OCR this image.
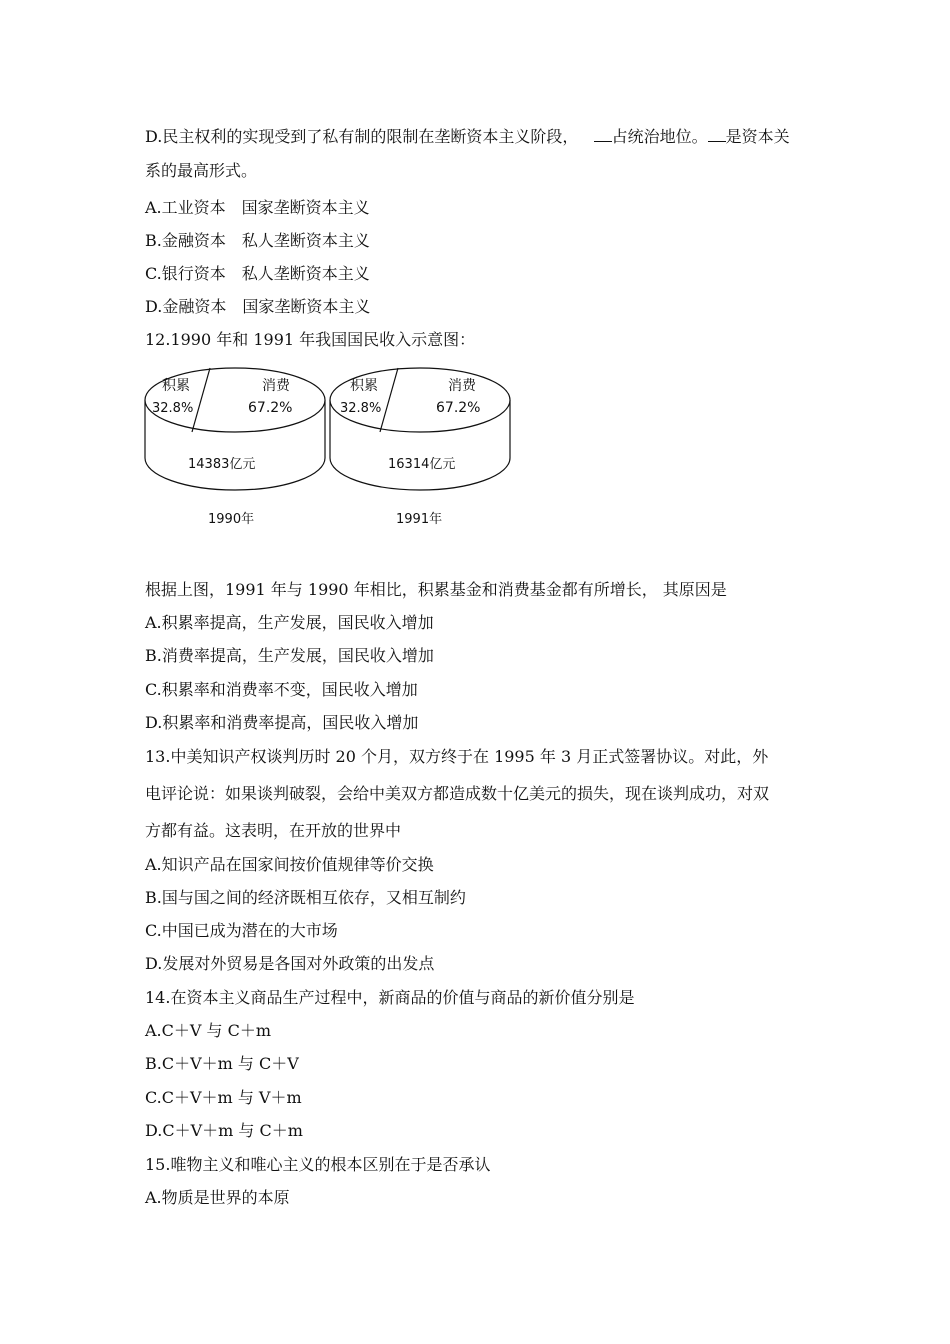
D.民主权利的实现受到了私有制的限制在垄断资本主义阶段， 占统治地位。 是资本关
系的最高形式。
A.工业资本　国家垄断资本主义
B.金融资本　私人垄断资本主义
C.银行资本　私人垄断资本主义
D.金融资本　国家垄断资本主义
12.1990 年和 1991 年我国国民收入示意图：
积累
32.8%
消费
67.2%
14383亿元
1990年
积累
32.8%
消费
67.2%
16314亿元
1991年
根据上图，1991 年与 1990 年相比，积累基金和消费基金都有所增长， 其原因是
A.积累率提高，生产发展，国民收入增加
B.消费率提高，生产发展，国民收入增加
C.积累率和消费率不变，国民收入增加
D.积累率和消费率提高，国民收入增加
13.中美知识产权谈判历时 20 个月，双方终于在 1995 年 3 月正式签署协议。对此，外
电评论说：如果谈判破裂，会给中美双方都造成数十亿美元的损失，现在谈判成功，对双
方都有益。这表明，在开放的世界中
A.知识产品在国家间按价值规律等价交换
B.国与国之间的经济既相互依存，又相互制约
C.中国已成为潜在的大市场
D.发展对外贸易是各国对外政策的出发点
14.在资本主义商品生产过程中，新商品的价值与商品的新价值分别是
A.C＋V 与 C＋m
B.C＋V＋m 与 C＋V
C.C＋V＋m 与 V＋m
D.C＋V＋m 与 C＋m
15.唯物主义和唯心主义的根本区别在于是否承认
A.物质是世界的本原
